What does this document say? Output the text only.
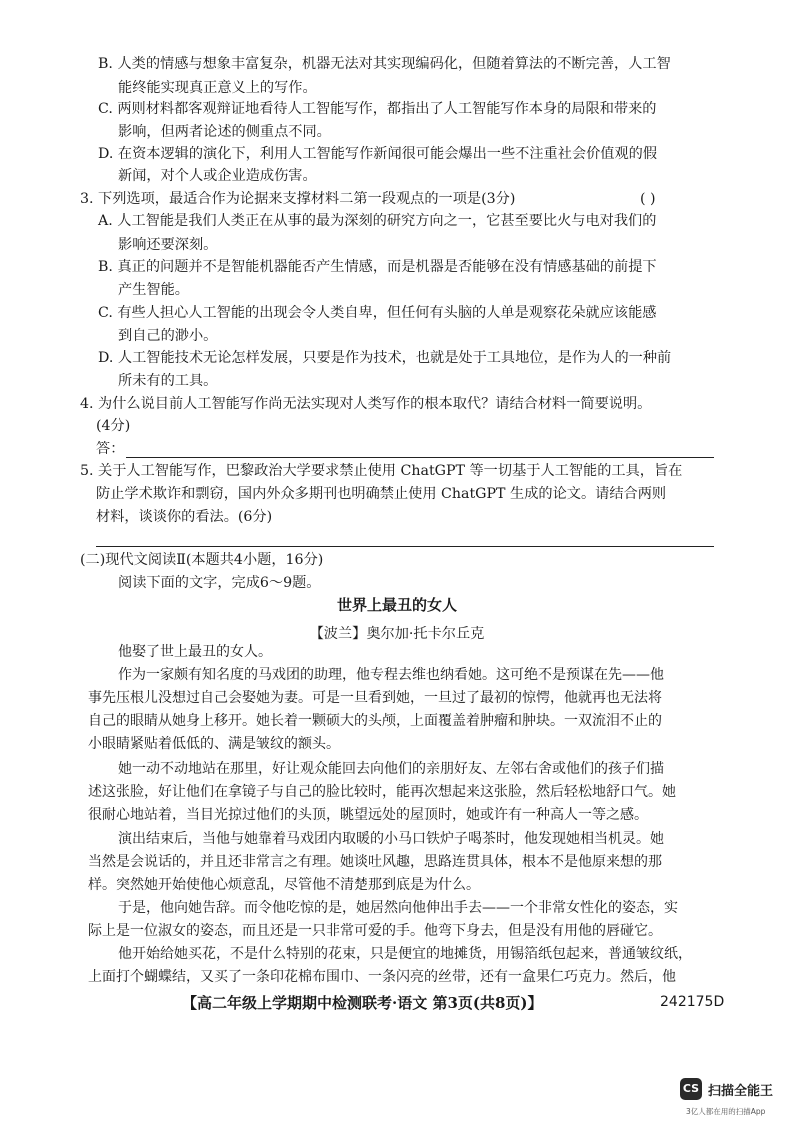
B. 人类的情感与想象丰富复杂，机器无法对其实现编码化，但随着算法的不断完善，人工智
能终能实现真正意义上的写作。
C. 两则材料都客观辩证地看待人工智能写作，都指出了人工智能写作本身的局限和带来的
影响，但两者论述的侧重点不同。
D. 在资本逻辑的演化下，利用人工智能写作新闻很可能会爆出一些不注重社会价值观的假
新闻，对个人或企业造成伤害。
3. 下列选项，最适合作为论据来支撑材料二第一段观点的一项是(3分)	( )
A. 人工智能是我们人类正在从事的最为深刻的研究方向之一，它甚至要比火与电对我们的
影响还要深刻。
B. 真正的问题并不是智能机器能否产生情感，而是机器是否能够在没有情感基础的前提下
产生智能。
C. 有些人担心人工智能的出现会令人类自卑，但任何有头脑的人单是观察花朵就应该能感
到自己的渺小。
D. 人工智能技术无论怎样发展，只要是作为技术，也就是处于工具地位，是作为人的一种前
所未有的工具。
4. 为什么说目前人工智能写作尚无法实现对人类写作的根本取代？请结合材料一简要说明。
(4分)
答：
5. 关于人工智能写作，巴黎政治大学要求禁止使用 ChatGPT 等一切基于人工智能的工具，旨在
防止学术欺诈和剽窃，国内外众多期刊也明确禁止使用 ChatGPT 生成的论文。请结合两则
材料，谈谈你的看法。(6分)
(二)现代文阅读Ⅱ(本题共4小题，16分)
阅读下面的文字，完成6～9题。
世界上最丑的女人
【波兰】奥尔加·托卡尔丘克
他娶了世上最丑的女人。
作为一家颇有知名度的马戏团的助理，他专程去维也纳看她。这可绝不是预谋在先——他
事先压根儿没想过自己会娶她为妻。可是一旦看到她，一旦过了最初的惊愕，他就再也无法将
自己的眼睛从她身上移开。她长着一颗硕大的头颅，上面覆盖着肿瘤和肿块。一双流泪不止的
小眼睛紧贴着低低的、满是皱纹的额头。
她一动不动地站在那里，好让观众能回去向他们的亲朋好友、左邻右舍或他们的孩子们描
述这张脸，好让他们在拿镜子与自己的脸比较时，能再次想起来这张脸，然后轻松地舒口气。她
很耐心地站着，当目光掠过他们的头顶，眺望远处的屋顶时，她或许有一种高人一等之感。
演出结束后，当他与她靠着马戏团内取暖的小马口铁炉子喝茶时，他发现她相当机灵。她
当然是会说话的，并且还非常言之有理。她谈吐风趣，思路连贯具体，根本不是他原来想的那
样。突然她开始使他心烦意乱，尽管他不清楚那到底是为什么。
于是，他向她告辞。而令他吃惊的是，她居然向他伸出手去——一个非常女性化的姿态，实
际上是一位淑女的姿态，而且还是一只非常可爱的手。他弯下身去，但是没有用他的唇碰它。
他开始给她买花，不是什么特别的花束，只是便宜的地摊货，用锡箔纸包起来，普通皱纹纸，
上面打个蝴蝶结，又买了一条印花棉布围巾、一条闪亮的丝带，还有一盒果仁巧克力。然后，他
【高二年级上学期期中检测联考·语文 第3页(共8页)】	242175D
CS 扫描全能王
3亿人都在用的扫描App
